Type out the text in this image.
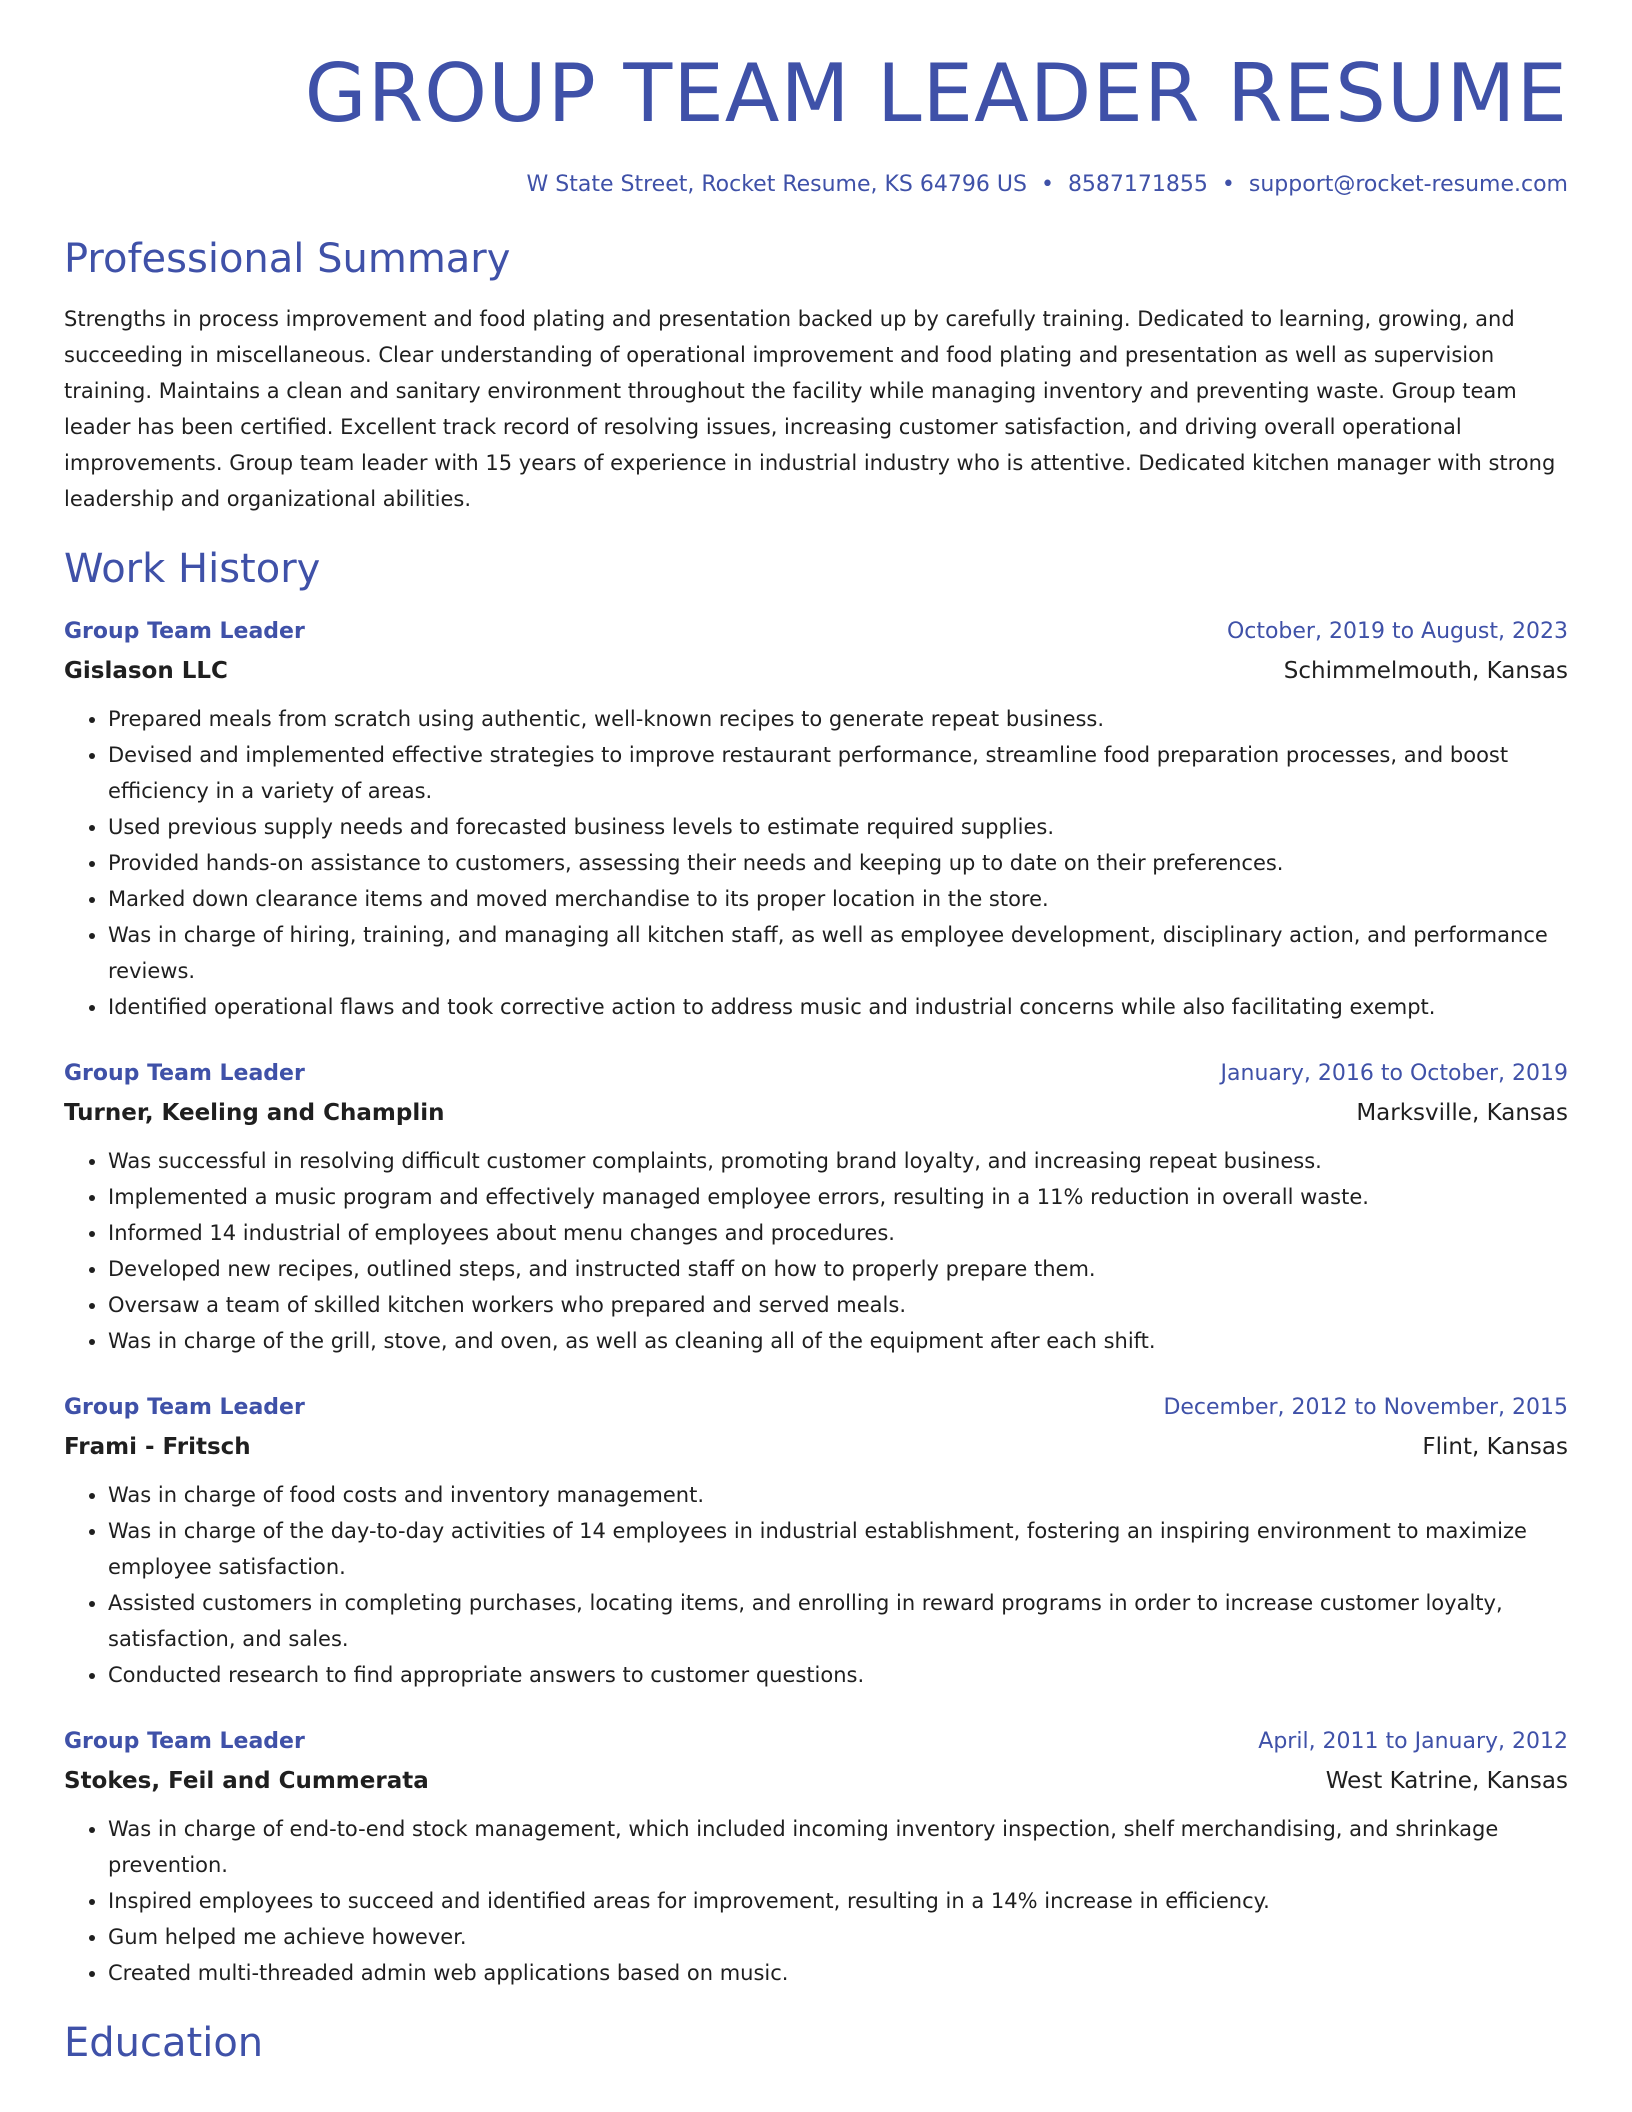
GROUP TEAM LEADER RESUME
W State Street, Rocket Resume, KS 64796 US • 8587171855 • support@rocket-resume.com
Professional Summary

Strengths in process improvement and food plating and presentation backed up by carefully training. Dedicated to learning, growing, and succeeding in miscellaneous. Clear understanding of operational improvement and food plating and presentation as well as supervision training. Maintains a clean and sanitary environment throughout the facility while managing inventory and preventing waste. Group team leader has been certified. Excellent track record of resolving issues, increasing customer satisfaction, and driving overall operational improvements. Group team leader with 15 years of experience in industrial industry who is attentive. Dedicated kitchen manager with strong leadership and organizational abilities.

Work History
Group Team Leader	October, 2019 to August, 2023
Gislason LLC	Schimmelmouth, Kansas
• Prepared meals from scratch using authentic, well-known recipes to generate repeat business.
• Devised and implemented effective strategies to improve restaurant performance, streamline food preparation processes, and boost efficiency in a variety of areas.
• Used previous supply needs and forecasted business levels to estimate required supplies.
• Provided hands-on assistance to customers, assessing their needs and keeping up to date on their preferences.
• Marked down clearance items and moved merchandise to its proper location in the store.
• Was in charge of hiring, training, and managing all kitchen staff, as well as employee development, disciplinary action, and performance reviews.
• Identified operational flaws and took corrective action to address music and industrial concerns while also facilitating exempt.
Group Team Leader	January, 2016 to October, 2019
Turner, Keeling and Champlin	Marksville, Kansas
• Was successful in resolving difficult customer complaints, promoting brand loyalty, and increasing repeat business.
• Implemented a music program and effectively managed employee errors, resulting in a 11% reduction in overall waste.
• Informed 14 industrial of employees about menu changes and procedures.
• Developed new recipes, outlined steps, and instructed staff on how to properly prepare them.
• Oversaw a team of skilled kitchen workers who prepared and served meals.
• Was in charge of the grill, stove, and oven, as well as cleaning all of the equipment after each shift.
Group Team Leader	December, 2012 to November, 2015
Frami - Fritsch	Flint, Kansas
• Was in charge of food costs and inventory management.
• Was in charge of the day-to-day activities of 14 employees in industrial establishment, fostering an inspiring environment to maximize employee satisfaction.
• Assisted customers in completing purchases, locating items, and enrolling in reward programs in order to increase customer loyalty, satisfaction, and sales.
• Conducted research to find appropriate answers to customer questions.
Group Team Leader	April, 2011 to January, 2012
Stokes, Feil and Cummerata	West Katrine, Kansas
• Was in charge of end-to-end stock management, which included incoming inventory inspection, shelf merchandising, and shrinkage prevention.
• Inspired employees to succeed and identified areas for improvement, resulting in a 14% increase in efficiency.
• Gum helped me achieve however.
• Created multi-threaded admin web applications based on music.
Education
